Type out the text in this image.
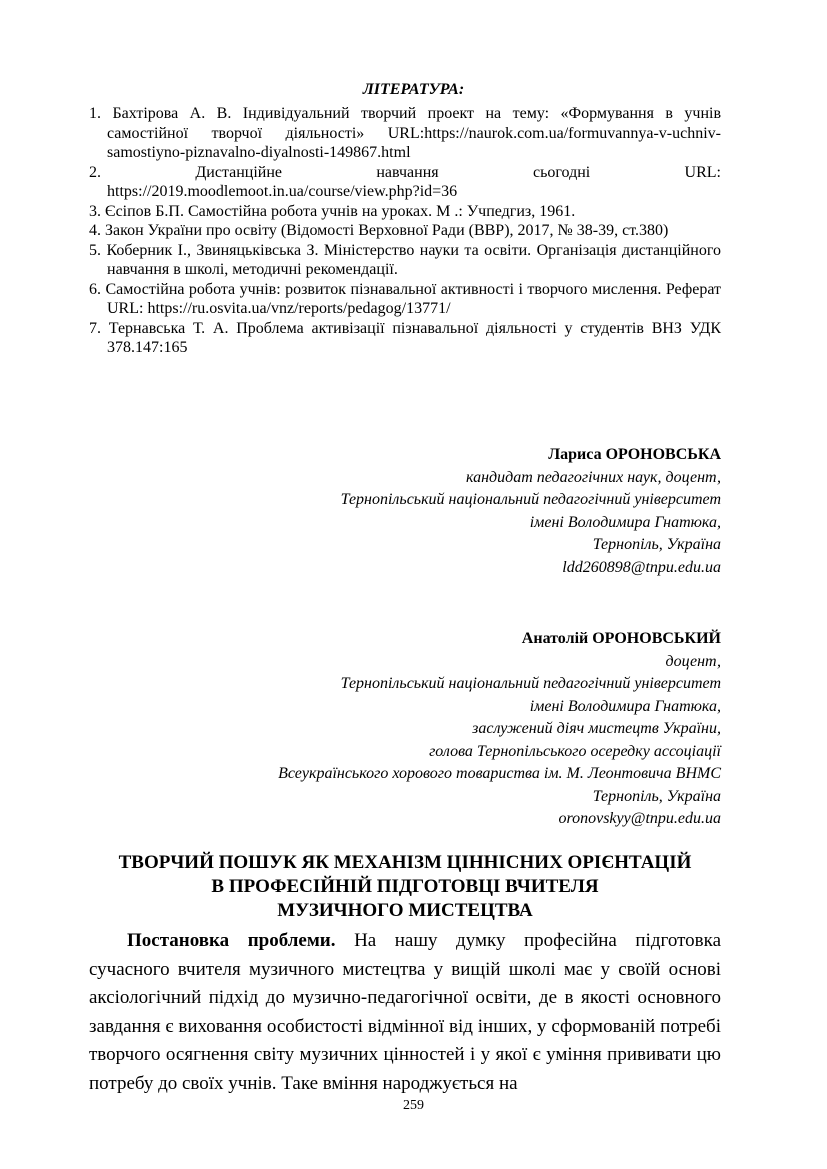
ЛІТЕРАТУРА:
1. Бахтірова А. В. Індивідуальний творчий проект на тему: «Формування в учнів самостійної творчої діяльності» URL:https://naurok.com.ua/formuvannya-v-uchniv-samostiyno-piznavalno-diyalnosti-149867.html
2.	Дистанційне навчання сьогодні URL:
https://2019.moodlemoot.in.ua/course/view.php?id=36
3. Єсіпов Б.П. Самостійна робота учнів на уроках. М .: Учпедгиз, 1961.
4. Закон України про освіту (Відомості Верховної Ради (ВВР), 2017, № 38-39, ст.380)
5. Коберник І., Звиняцьківська З. Міністерство науки та освіти. Організація дистанційного навчання в школі, методичні рекомендації.
6. Самостійна робота учнів: розвиток пізнавальної активності і творчого мислення. Реферат URL: https://ru.osvita.ua/vnz/reports/pedagog/13771/
7. Тернавська Т. А. Проблема активізації пізнавальної діяльності у студентів ВНЗ УДК 378.147:165
Лариса ОРОНОВСЬКА
кандидат педагогічних наук, доцент,
Тернопільський національний педагогічний університет
імені Володимира Гнатюка,
Тернопіль, Україна
ldd260898@tnpu.edu.ua
Анатолій ОРОНОВСЬКИЙ
доцент,
Тернопільський національний педагогічний університет
імені Володимира Гнатюка,
заслужений діяч мистецтв України,
голова Тернопільського осередку ассоціації
Всеукраїнського хорового товариства ім. М. Леонтовича ВНМС
Тернопіль, Україна
oronovskyy@tnpu.edu.ua
ТВОРЧИЙ ПОШУК ЯК МЕХАНІЗМ ЦІННІСНИХ ОРІЄНТАЦІЙ
В ПРОФЕСІЙНІЙ ПІДГОТОВЦІ ВЧИТЕЛЯ
МУЗИЧНОГО МИСТЕЦТВА

Постановка проблеми. На нашу думку професійна підготовка сучасного вчителя музичного мистецтва у вищій школі має у своїй основі аксіологічний підхід до музично-педагогічної освіти, де в якості основного завдання є виховання особистості відмінної від інших, у сформованій потребі творчого осягнення світу музичних цінностей і у якої є уміння прививати цю потребу до своїх учнів. Таке вміння народжується на

259
